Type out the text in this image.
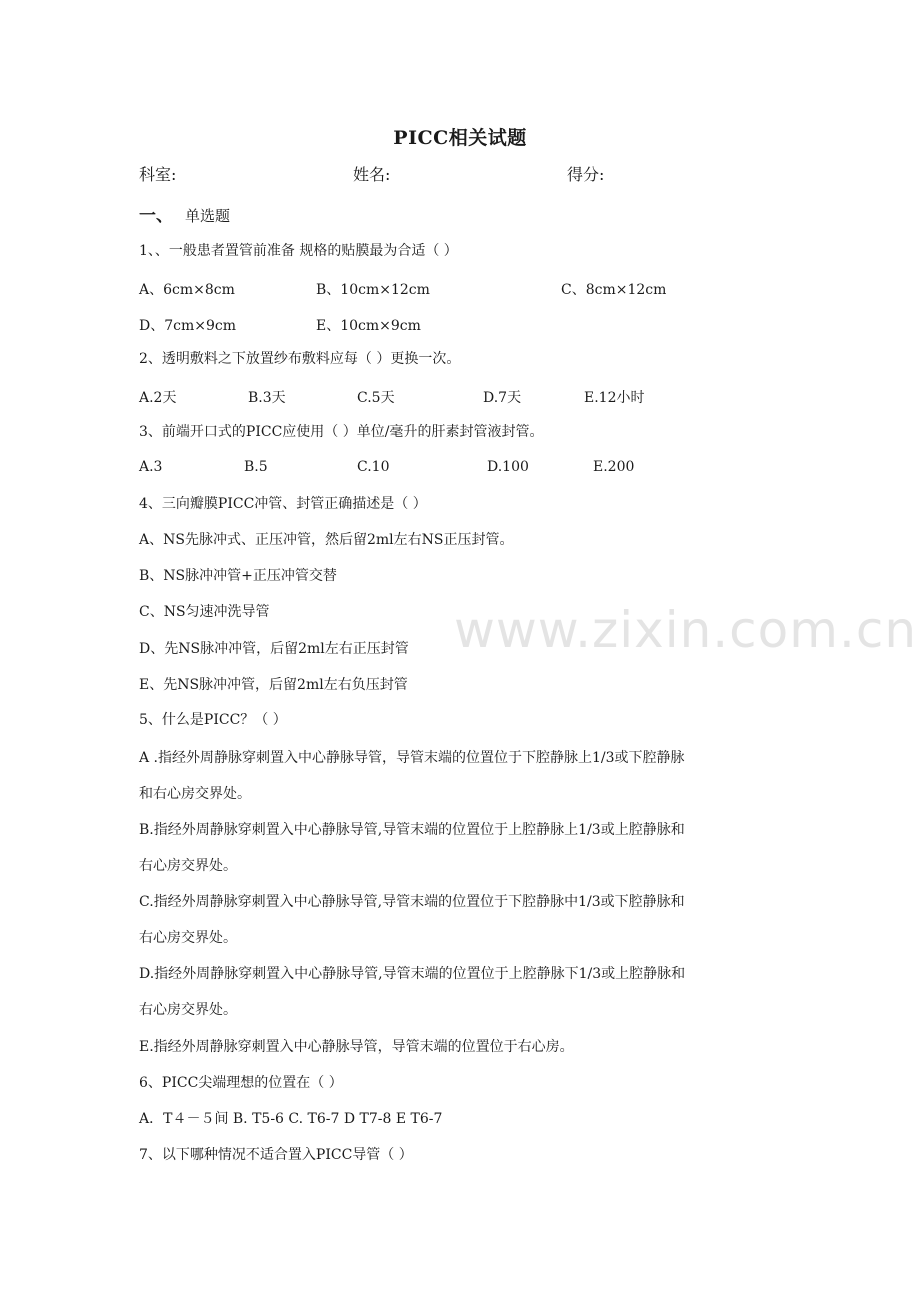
PICC相关试题
科室:	姓名:	得分:
一、 单选题
1、、一般患者置管前准备 规格的贴膜最为合适（ ）
A、6cm×8cm	B、10cm×12cm	C、8cm×12cm
D、7cm×9cm	E、10cm×9cm
2、透明敷料之下放置纱布敷料应每（ ）更换一次。
A.2天	B.3天	C.5天	D.7天	E.12小时
3、前端开口式的PICC应使用（ ）单位/毫升的肝素封管液封管。
A.3	B.5	C.10	D.100	E.200
4、三向瓣膜PICC冲管、封管正确描述是（ ）
A、NS先脉冲式、正压冲管，然后留2ml左右NS正压封管。
B、NS脉冲冲管+正压冲管交替
C、NS匀速冲洗导管
D、先NS脉冲冲管，后留2ml左右正压封管
E、先NS脉冲冲管，后留2ml左右负压封管
5、什么是PICC？（ ）
A .指经外周静脉穿刺置入中心静脉导管，导管末端的位置位于下腔静脉上1/3或下腔静脉
和右心房交界处。
B.指经外周静脉穿刺置入中心静脉导管,导管末端的位置位于上腔静脉上1/3或上腔静脉和
右心房交界处。
C.指经外周静脉穿刺置入中心静脉导管,导管末端的位置位于下腔静脉中1/3或下腔静脉和
右心房交界处。
D.指经外周静脉穿刺置入中心静脉导管,导管末端的位置位于上腔静脉下1/3或上腔静脉和
右心房交界处。
E.指经外周静脉穿刺置入中心静脉导管，导管末端的位置位于右心房。
6、PICC尖端理想的位置在（ ）
A．T４－５间 B. T5-6 C. T6-7 D T7-8 E T6-7
7、以下哪种情况不适合置入PICC导管（ ）
www.zixin.com.cn
